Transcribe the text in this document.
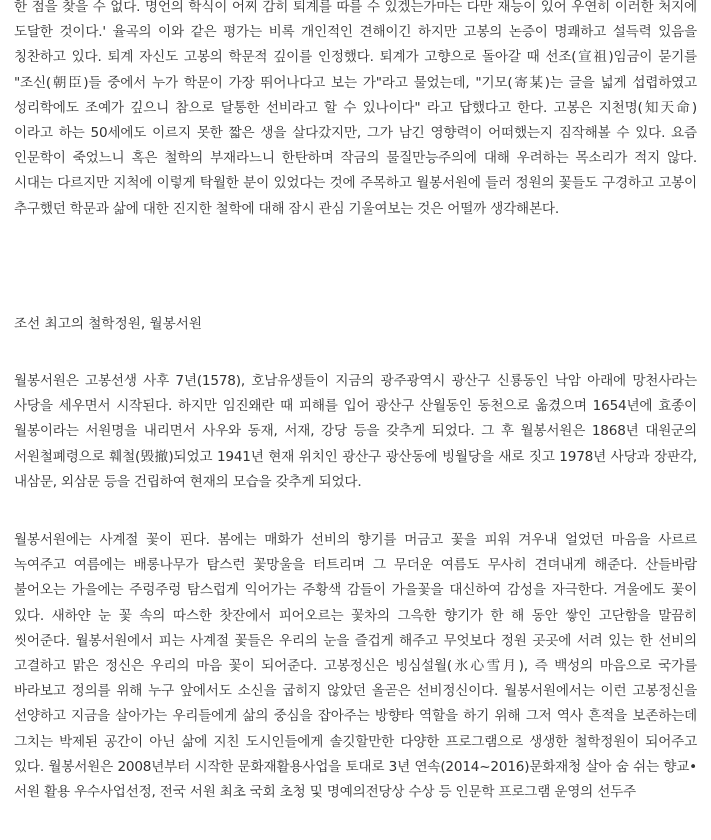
한 점을 찾을 수 없다. 명언의 학식이 어찌 감히 퇴계를 따를 수 있겠는가마는 다만 재능이 있어 우연히 이러한 처지에 도달한 것이다.' 율곡의 이와 같은 평가는 비록 개인적인 견해이긴 하지만 고봉의 논증이 명쾌하고 설득력 있음을 칭찬하고 있다. 퇴계 자신도 고봉의 학문적 깊이를 인정했다. 퇴계가 고향으로 돌아갈 때 선조(宣祖)임금이 묻기를 "조신(朝臣)들 중에서 누가 학문이 가장 뛰어나다고 보는 가"라고 물었는데, "기모(寄某)는 글을 넓게 섭렵하였고 성리학에도 조예가 깊으니 참으로 달통한 선비라고 할 수 있나이다" 라고 답했다고 한다. 고봉은 지천명(知天命)이라고 하는 50세에도 이르지 못한 짧은 생을 살다갔지만, 그가 남긴 영향력이 어떠했는지 짐작해볼 수 있다. 요즘 인문학이 죽었느니 혹은 철학의 부재라느니 한탄하며 작금의 물질만능주의에 대해 우려하는 목소리가 적지 않다. 시대는 다르지만 지척에 이렇게 탁월한 분이 있었다는 것에 주목하고 월봉서원에 들러 정원의 꽃들도 구경하고 고봉이 추구했던 학문과 삶에 대한 진지한 철학에 대해 잠시 관심 기울여보는 것은 어떨까 생각해본다.

조선 최고의 철학정원, 월봉서원

월봉서원은 고봉선생 사후 7년(1578), 호남유생들이 지금의 광주광역시 광산구 신룡동인 낙암 아래에 망천사라는 사당을 세우면서 시작된다. 하지만 임진왜란 때 피해를 입어 광산구 산월동인 동천으로 옮겼으며 1654년에 효종이 월봉이라는 서원명을 내리면서 사우와 동재, 서재, 강당 등을 갖추게 되었다. 그 후 월봉서원은 1868년 대원군의 서원철폐령으로 훼철(毁撤)되었고 1941년 현재 위치인 광산구 광산동에 빙월당을 새로 짓고 1978년 사당과 장판각, 내삼문, 외삼문 등을 건립하여 현재의 모습을 갖추게 되었다.

월봉서원에는 사계절 꽃이 핀다. 봄에는 매화가 선비의 향기를 머금고 꽃을 피워 겨우내 얼었던 마음을 사르르 녹여주고 여름에는 배롱나무가 탐스런 꽃망울을 터트리며 그 무더운 여름도 무사히 견뎌내게 해준다. 산들바람 불어오는 가을에는 주렁주렁 탐스럽게 익어가는 주황색 감들이 가을꽃을 대신하여 감성을 자극한다. 겨울에도 꽃이 있다. 새하얀 눈 꽃 속의 따스한 찻잔에서 피어오르는 꽃차의 그윽한 향기가 한 해 동안 쌓인 고단함을 말끔히 씻어준다. 월봉서원에서 피는 사계절 꽃들은 우리의 눈을 즐겁게 해주고 무엇보다 정원 곳곳에 서려 있는 한 선비의 고결하고 맑은 정신은 우리의 마음 꽃이 되어준다. 고봉정신은 빙심설월(氷心雪月), 즉 백성의 마음으로 국가를 바라보고 정의를 위해 누구 앞에서도 소신을 굽히지 않았던 올곧은 선비정신이다. 월봉서원에서는 이런 고봉정신을 선양하고 지금을 살아가는 우리들에게 삶의 중심을 잡아주는 방향타 역할을 하기 위해 그저 역사 흔적을 보존하는데 그치는 박제된 공간이 아닌 삶에 지친 도시인들에게 솔깃할만한 다양한 프로그램으로 생생한 철학정원이 되어주고 있다. 월봉서원은 2008년부터 시작한 문화재활용사업을 토대로 3년 연속(2014~2016)문화재청 살아 숨 쉬는 향교•서원 활용 우수사업선정, 전국 서원 최초 국회 초청 및 명예의전당상 수상 등 인문학 프로그램 운영의 선두주
